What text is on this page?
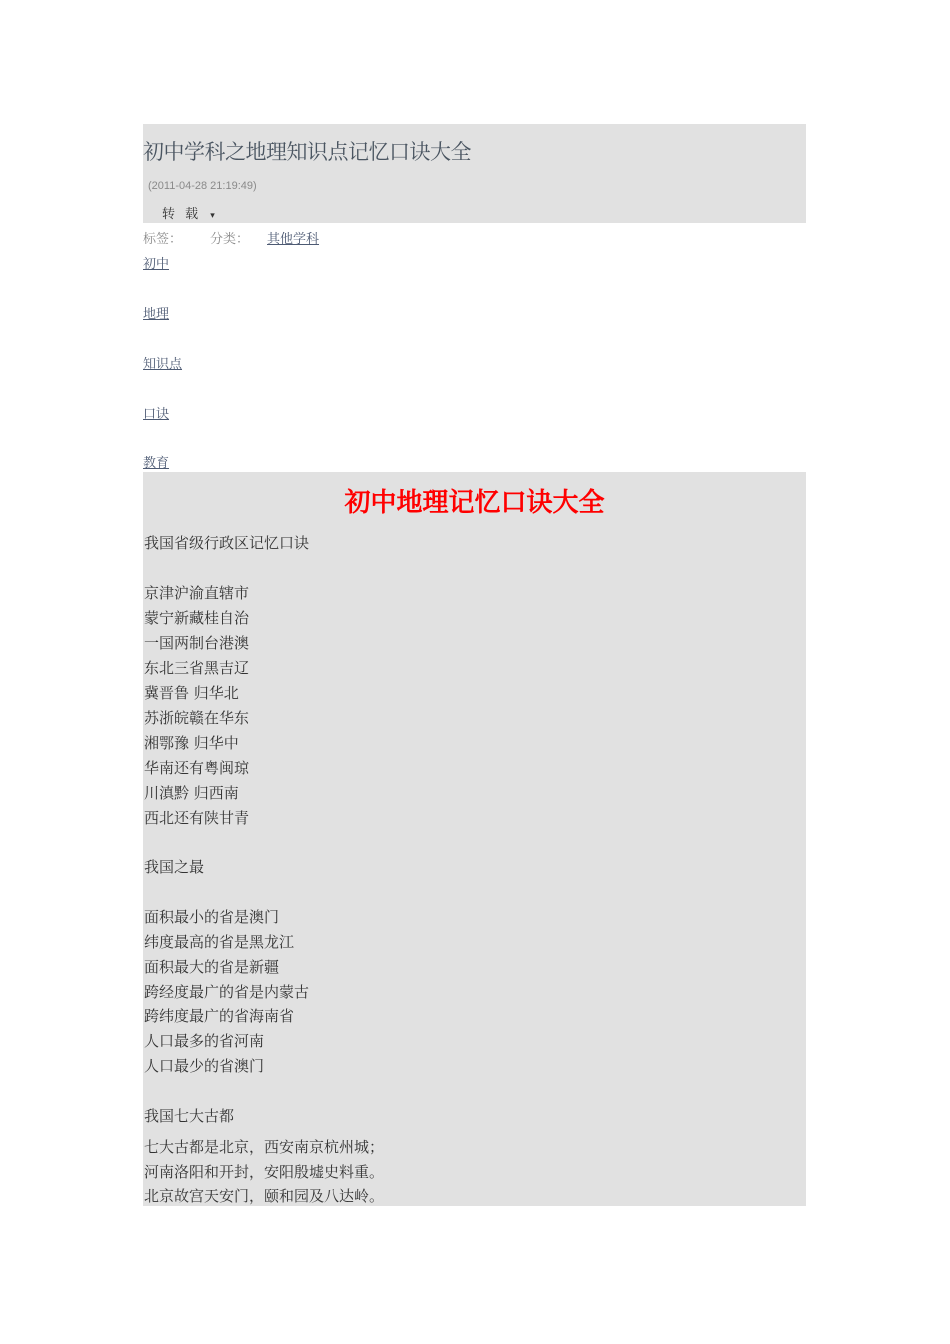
初中学科之地理知识点记忆口诀大全
(2011-04-28 21:19:49)
转 载 ▾
标签： 分类： 其他学科
初中
地理
知识点
口诀
教育
初中地理记忆口诀大全
我国省级行政区记忆口诀
京津沪渝直辖市
蒙宁新藏桂自治
一国两制台港澳
东北三省黑吉辽
冀晋鲁 归华北
苏浙皖赣在华东
湘鄂豫 归华中
华南还有粤闽琼
川滇黔 归西南
西北还有陕甘青
我国之最
面积最小的省是澳门
纬度最高的省是黑龙江
面积最大的省是新疆
跨经度最广的省是内蒙古
跨纬度最广的省海南省
人口最多的省河南
人口最少的省澳门
我国七大古都
七大古都是北京，西安南京杭州城；
河南洛阳和开封，安阳殷墟史料重。
北京故宫天安门，颐和园及八达岭。
